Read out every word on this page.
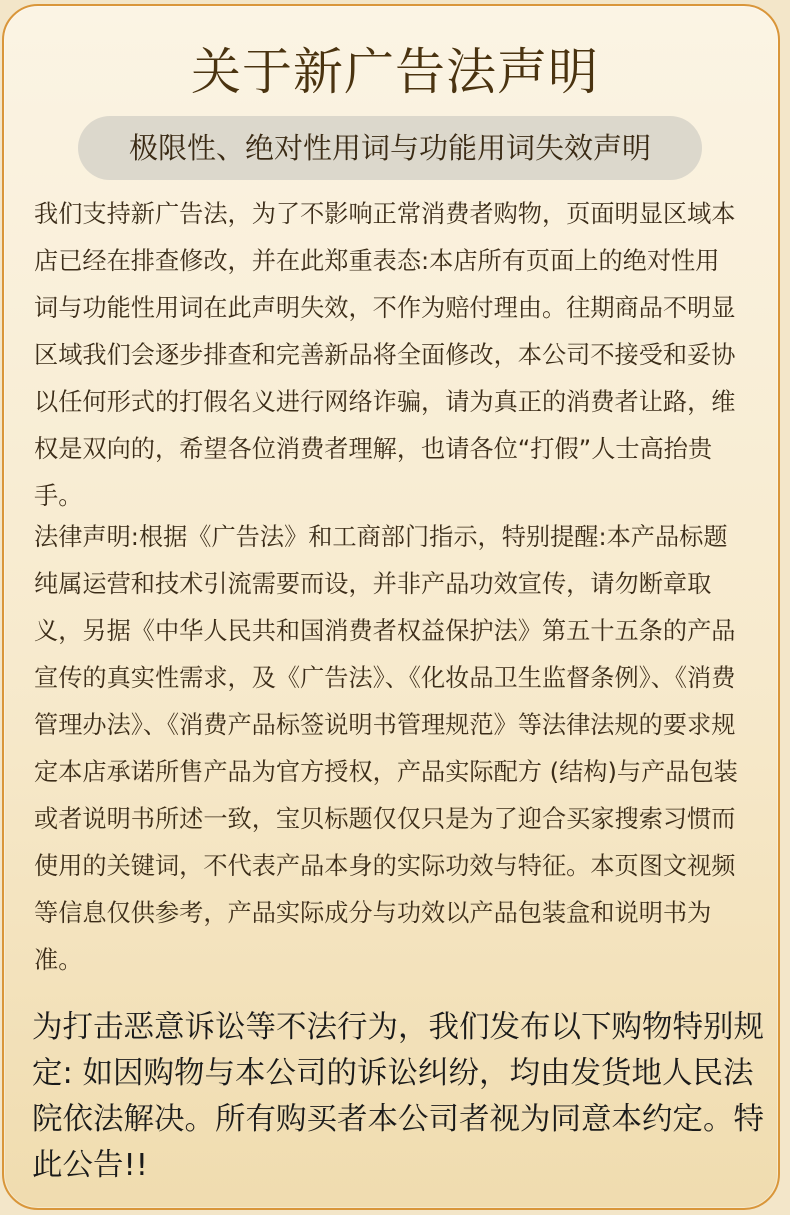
关于新广告法声明
极限性、绝对性用词与功能用词失效声明

我们支持新广告法，为了不影响正常消费者购物，页面明显区域本店已经在排查修改，并在此郑重表态:本店所有页面上的绝对性用词与功能性用词在此声明失效，不作为赔付理由。往期商品不明显区域我们会逐步排查和完善新品将全面修改，本公司不接受和妥协以任何形式的打假名义进行网络诈骗，请为真正的消费者让路，维权是双向的，希望各位消费者理解，也请各位“打假”人士高抬贵手。

法律声明:根据《广告法》和工商部门指示，特别提醒:本产品标题纯属运营和技术引流需要而设，并非产品功效宣传，请勿断章取义，另据《中华人民共和国消费者权益保护法》第五十五条的产品宣传的真实性需求，及《广告法》、《化妆品卫生监督条例》、《消费管理办法》、《消费产品标签说明书管理规范》等法律法规的要求规定本店承诺所售产品为官方授权，产品实际配方 (结构)与产品包装或者说明书所述一致，宝贝标题仅仅只是为了迎合买家搜索习惯而使用的关键词，不代表产品本身的实际功效与特征。本页图文视频等信息仅供参考，产品实际成分与功效以产品包装盒和说明书为准。

为打击恶意诉讼等不法行为，我们发布以下购物特别规定: 如因购物与本公司的诉讼纠纷，均由发货地人民法院依法解决。所有购买者本公司者视为同意本约定。特此公告!!
